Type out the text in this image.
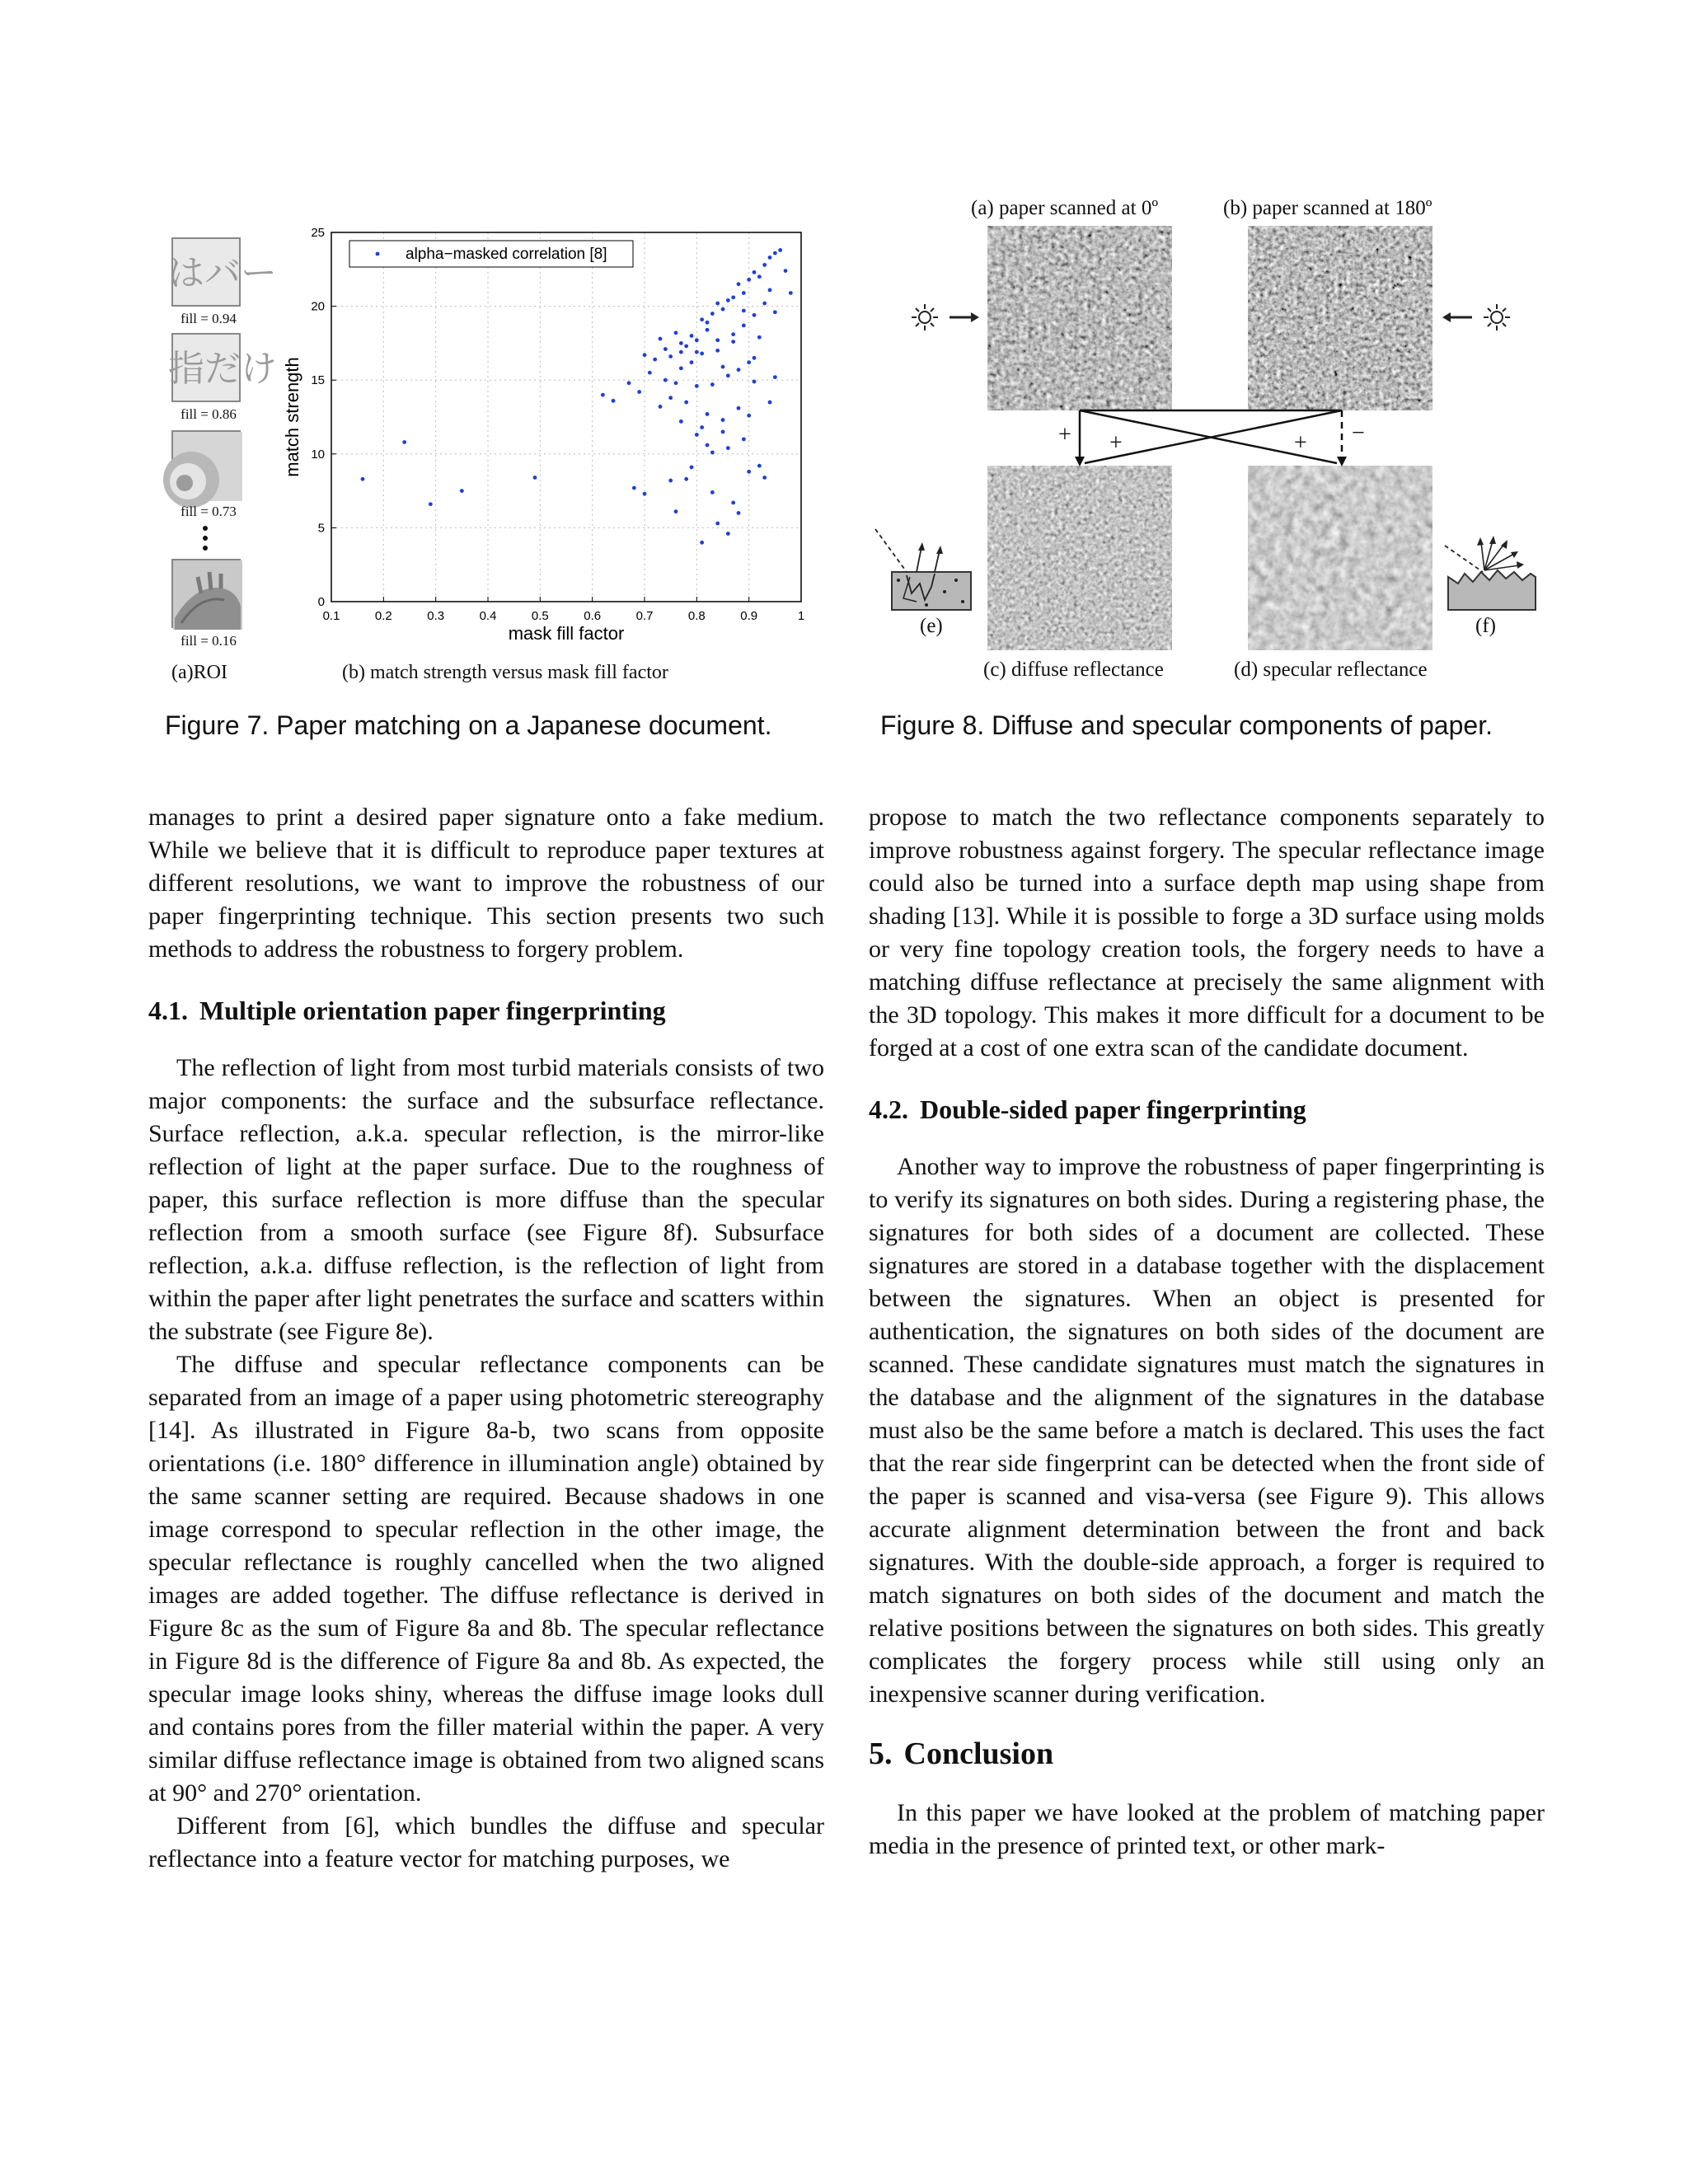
はバー
fill = 0.94
指だけ
fill = 0.86
fill = 0.73
fill = 0.16
(a)ROI
0.1	0.2	0.3	0.4	0.5	0.6	0.7	0.8	0.9	1
0
5
10
15
20
25
mask fill factor
match strength
alpha−masked correlation [8]
(b) match strength versus mask fill factor
Figure 7. Paper matching on a Japanese document.
(a) paper scanned at 0º	(b) paper scanned at 180º
+ +	+ −
(e)	(f)
(c) diffuse reflectance	(d) specular reflectance
Figure 8. Diffuse and specular components of paper.

manages to print a desired paper signature onto a fake medium. While we believe that it is difficult to reproduce paper textures at different resolutions, we want to improve the robustness of our paper fingerprinting technique. This section presents two such methods to address the robustness to forgery problem.

4.1. Multiple orientation paper fingerprinting

The reflection of light from most turbid materials consists of two major components: the surface and the subsurface reflectance. Surface reflection, a.k.a. specular reflection, is the mirror-like reflection of light at the paper surface. Due to the roughness of paper, this surface reflection is more diffuse than the specular reflection from a smooth surface (see Figure 8f). Subsurface reflection, a.k.a. diffuse reflection, is the reflection of light from within the paper after light penetrates the surface and scatters within the substrate (see Figure 8e).

The diffuse and specular reflectance components can be separated from an image of a paper using photometric stereography [14]. As illustrated in Figure 8a-b, two scans from opposite orientations (i.e. 180° difference in illumination angle) obtained by the same scanner setting are required. Because shadows in one image correspond to specular reflection in the other image, the specular reflectance is roughly cancelled when the two aligned images are added together. The diffuse reflectance is derived in Figure 8c as the sum of Figure 8a and 8b. The specular reflectance in Figure 8d is the difference of Figure 8a and 8b. As expected, the specular image looks shiny, whereas the diffuse image looks dull and contains pores from the filler material within the paper. A very similar diffuse reflectance image is obtained from two aligned scans at 90° and 270° orientation.

Different from [6], which bundles the diffuse and specular reflectance into a feature vector for matching purposes, we

propose to match the two reflectance components separately to improve robustness against forgery. The specular reflectance image could also be turned into a surface depth map using shape from shading [13]. While it is possible to forge a 3D surface using molds or very fine topology creation tools, the forgery needs to have a matching diffuse reflectance at precisely the same alignment with the 3D topology. This makes it more difficult for a document to be forged at a cost of one extra scan of the candidate document.

4.2. Double-sided paper fingerprinting

Another way to improve the robustness of paper fingerprinting is to verify its signatures on both sides. During a registering phase, the signatures for both sides of a document are collected. These signatures are stored in a database together with the displacement between the signatures. When an object is presented for authentication, the signatures on both sides of the document are scanned. These candidate signatures must match the signatures in the database and the alignment of the signatures in the database must also be the same before a match is declared. This uses the fact that the rear side fingerprint can be detected when the front side of the paper is scanned and visa-versa (see Figure 9). This allows accurate alignment determination between the front and back signatures. With the double-side approach, a forger is required to match signatures on both sides of the document and match the relative positions between the signatures on both sides. This greatly complicates the forgery process while still using only an inexpensive scanner during verification.

5. Conclusion

In this paper we have looked at the problem of matching paper media in the presence of printed text, or other mark-
